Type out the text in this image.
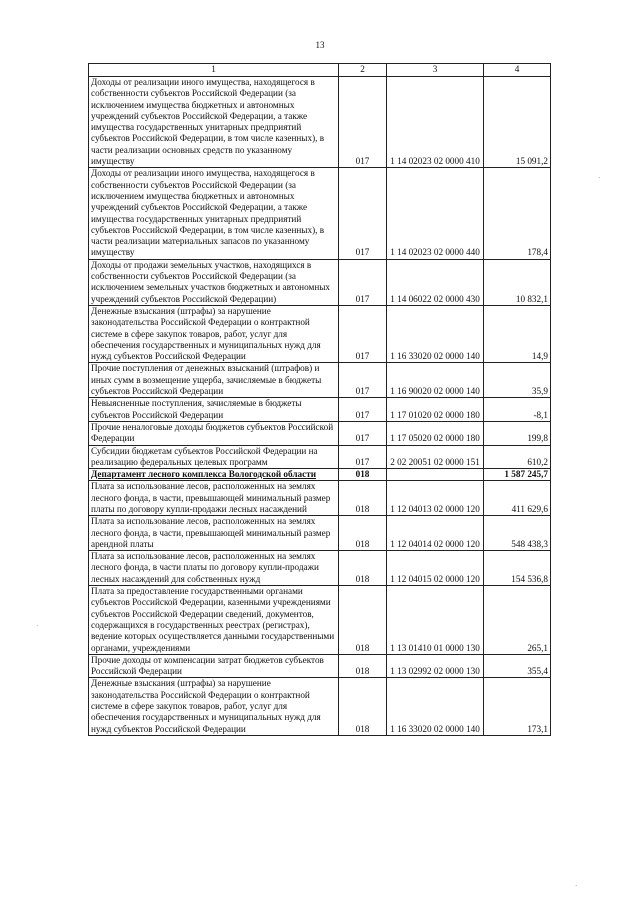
13
1	2	3	4
Доходы от реализации иного имущества, находящегося в собственности субъектов Российской Федерации (за исключением имущества бюджетных и автономных учреждений субъектов Российской Федерации, а также имущества государственных унитарных предприятий субъектов Российской Федерации, в том числе казенных), в части реализации основных средств по указанному имуществу	017	1 14 02023 02 0000 410	15 091,2
Доходы от реализации иного имущества, находящегося в собственности субъектов Российской Федерации (за исключением имущества бюджетных и автономных учреждений субъектов Российской Федерации, а также имущества государственных унитарных предприятий субъектов Российской Федерации, в том числе казенных), в части реализации материальных запасов по указанному имуществу	017	1 14 02023 02 0000 440	178,4
Доходы от продажи земельных участков, находящихся в собственности субъектов Российской Федерации (за исключением земельных участков бюджетных и автономных учреждений субъектов Российской Федерации)	017	1 14 06022 02 0000 430	10 832,1
Денежные взыскания (штрафы) за нарушение законодательства Российской Федерации о контрактной системе в сфере закупок товаров, работ, услуг для обеспечения государственных и муниципальных нужд для нужд субъектов Российской Федерации	017	1 16 33020 02 0000 140	14,9
Прочие поступления от денежных взысканий (штрафов) и иных сумм в возмещение ущерба, зачисляемые в бюджеты субъектов Российской Федерации	017	1 16 90020 02 0000 140	35,9
Невыясненные поступления, зачисляемые в бюджеты субъектов Российской Федерации	017	1 17 01020 02 0000 180	-8,1
Прочие неналоговые доходы бюджетов субъектов Российской Федерации	017	1 17 05020 02 0000 180	199,8
Субсидии бюджетам субъектов Российской Федерации на реализацию федеральных целевых программ	017	2 02 20051 02 0000 151	610,2
Департамент лесного комплекса Вологодской области	018		1 587 245,7
Плата за использование лесов, расположенных на землях лесного фонда, в части, превышающей минимальный размер платы по договору купли-продажи лесных насаждений	018	1 12 04013 02 0000 120	411 629,6
Плата за использование лесов, расположенных на землях лесного фонда, в части, превышающей минимальный размер арендной платы	018	1 12 04014 02 0000 120	548 438,3
Плата за использование лесов, расположенных на землях лесного фонда, в части платы по договору купли-продажи лесных насаждений для собственных нужд	018	1 12 04015 02 0000 120	154 536,8
Плата за предоставление государственными органами субъектов Российской Федерации, казенными учреждениями субъектов Российской Федерации сведений, документов, содержащихся в государственных реестрах (регистрах), ведение которых осуществляется данными государственными органами, учреждениями	018	1 13 01410 01 0000 130	265,1
Прочие доходы от компенсации затрат бюджетов субъектов Российской Федерации	018	1 13 02992 02 0000 130	355,4
Денежные взыскания (штрафы) за нарушение законодательства Российской Федерации о контрактной системе в сфере закупок товаров, работ, услуг для обеспечения государственных и муниципальных нужд для нужд субъектов Российской Федерации	018	1 16 33020 02 0000 140	173,1
·
·
·
